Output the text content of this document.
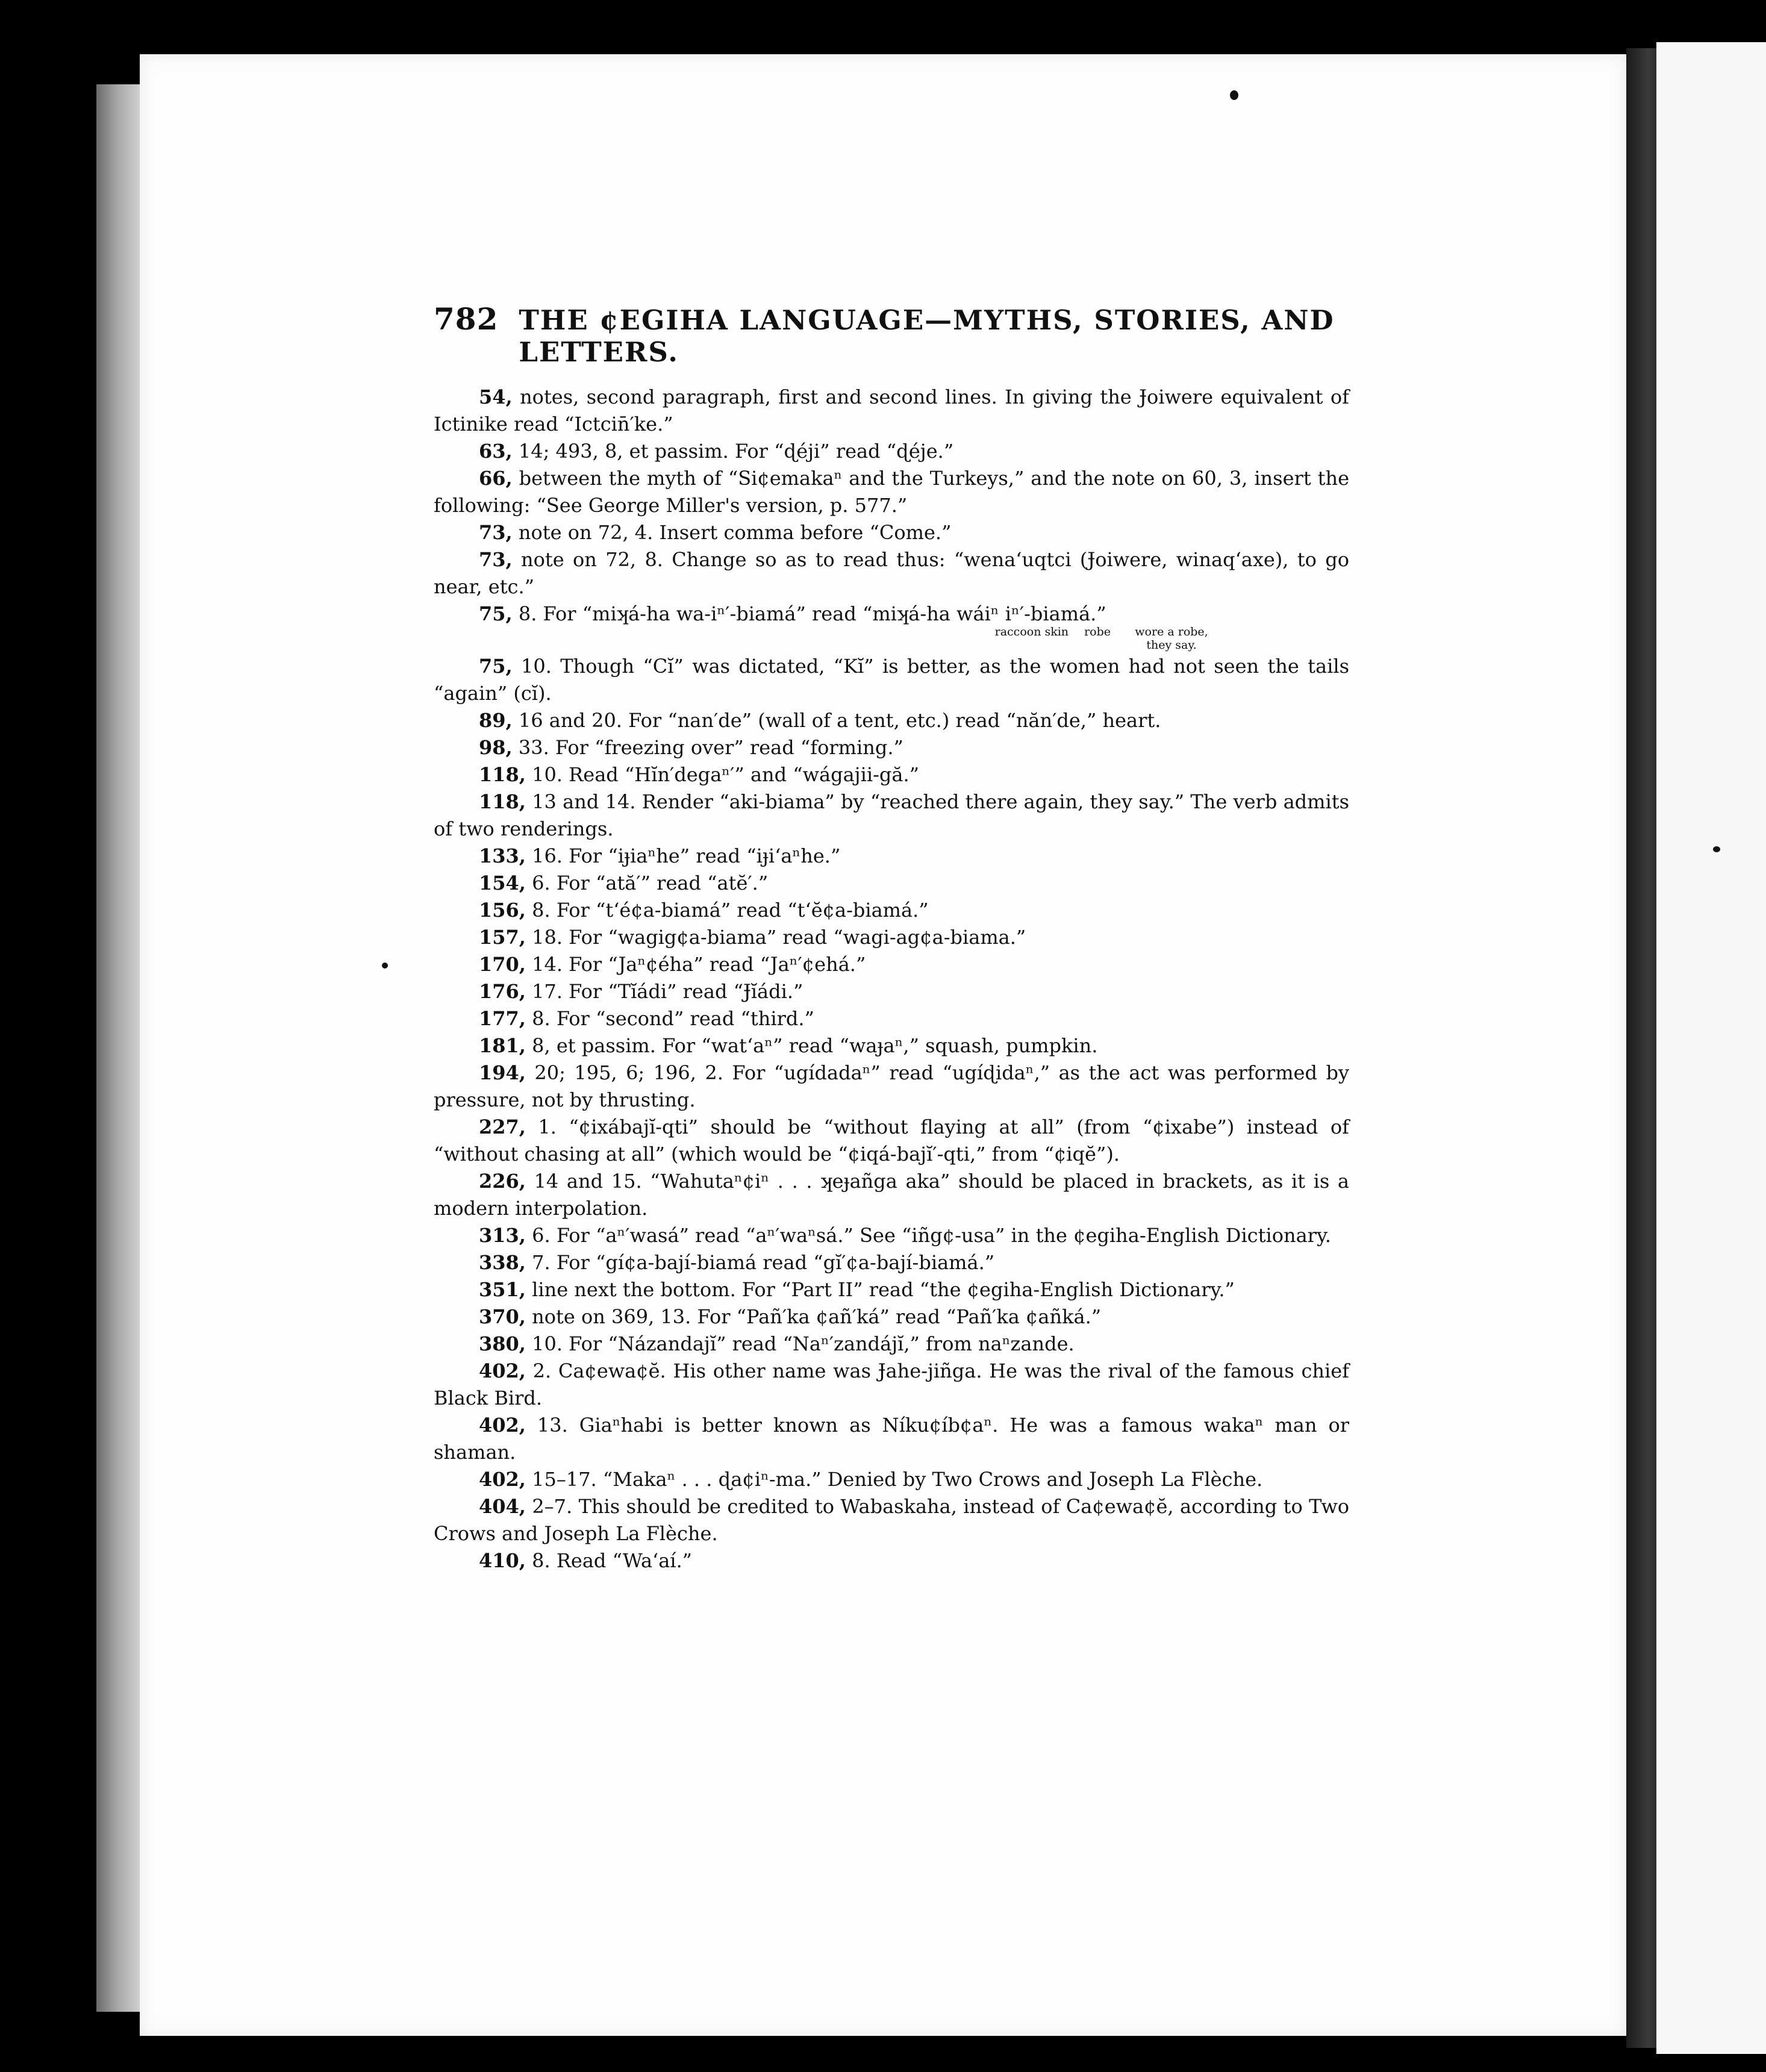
782 THE ¢EGIHA LANGUAGE—MYTHS, STORIES, AND LETTERS.

54, notes, second paragraph, first and second lines. In giving the Ɉoiwere equivalent of Ictinike read “Ictcin̄′ke.”

63, 14; 493, 8, et passim. For “ɖéji” read “ɖéje.”

66, between the myth of “Si¢emakaⁿ and the Turkeys,” and the note on 60, 3, insert the following: “See George Miller's version, p. 577.”

73, note on 72, 4. Insert comma before “Come.”

73, note on 72, 8. Change so as to read thus: “wena‘uqtci (Ɉoiwere, winaq‘axe), to go near, etc.”

75, 8. For “miʞá-ha wa-iⁿ′-biamá” read “miʞá-ha wáiⁿ iⁿ′-biamá.”

raccoon skin robe	wore a robe, they say.

75, 10. Though “Cĭ” was dictated, “Kĭ” is better, as the women had not seen the tails “again” (cĭ).

89, 16 and 20. For “nan′de” (wall of a tent, etc.) read “năn′de,” heart.

98, 33. For “freezing over” read “forming.”

118, 10. Read “Hĭn′degaⁿ′” and “wágajii-gă.”

118, 13 and 14. Render “aki-biama” by “reached there again, they say.” The verb admits of two renderings.

133, 16. For “iɟiaⁿhe” read “iɟi‘aⁿhe.”

154, 6. For “ată′” read “atĕ′.”

156, 8. For “t‘é¢a-biamá” read “t‘ĕ¢a-biamá.”

157, 18. For “wagig¢a-biama” read “wagi-ag¢a-biama.”

170, 14. For “Jaⁿ¢éha” read “Jaⁿ′¢ehá.”

176, 17. For “Tĭádi” read “Ɉĭádi.”

177, 8. For “second” read “third.”

181, 8, et passim. For “wat‘aⁿ” read “waɟaⁿ,” squash, pumpkin.

194, 20; 195, 6; 196, 2. For “ugídadaⁿ” read “ugíɖidaⁿ,” as the act was performed by pressure, not by thrusting.

227, 1. “¢ixábajĭ-qti” should be “without flaying at all” (from “¢ixabe”) instead of “without chasing at all” (which would be “¢iqá-bajĭ′-qti,” from “¢iqĕ”).

226, 14 and 15. “Wahutaⁿ¢iⁿ . . . ʞeɟañga aka” should be placed in brackets, as it is a modern interpolation.

313, 6. For “aⁿ′wasá” read “aⁿ′waⁿsá.” See “iñg¢-usa” in the ¢egiha-English Dictionary.

338, 7. For “gí¢a-bají-biamá read “gĭ′¢a-bají-biamá.”

351, line next the bottom. For “Part II” read “the ¢egiha-English Dictionary.”

370, note on 369, 13. For “Pañ′ka ¢añ′ká” read “Pañ′ka ¢añká.”

380, 10. For “Názandajĭ” read “Naⁿ′zandájĭ,” from naⁿzande.

402, 2. Ca¢ewa¢ĕ. His other name was Ɉahe-jiñga. He was the rival of the famous chief Black Bird.

402, 13. Giaⁿhabi is better known as Níku¢íb¢aⁿ. He was a famous wakaⁿ man or shaman.

402, 15–17. “Makaⁿ . . . ɖa¢iⁿ-ma.” Denied by Two Crows and Joseph La Flèche.

404, 2–7. This should be credited to Wabaskaha, instead of Ca¢ewa¢ĕ, according to Two Crows and Joseph La Flèche.

410, 8. Read “Wa‘aí.”
